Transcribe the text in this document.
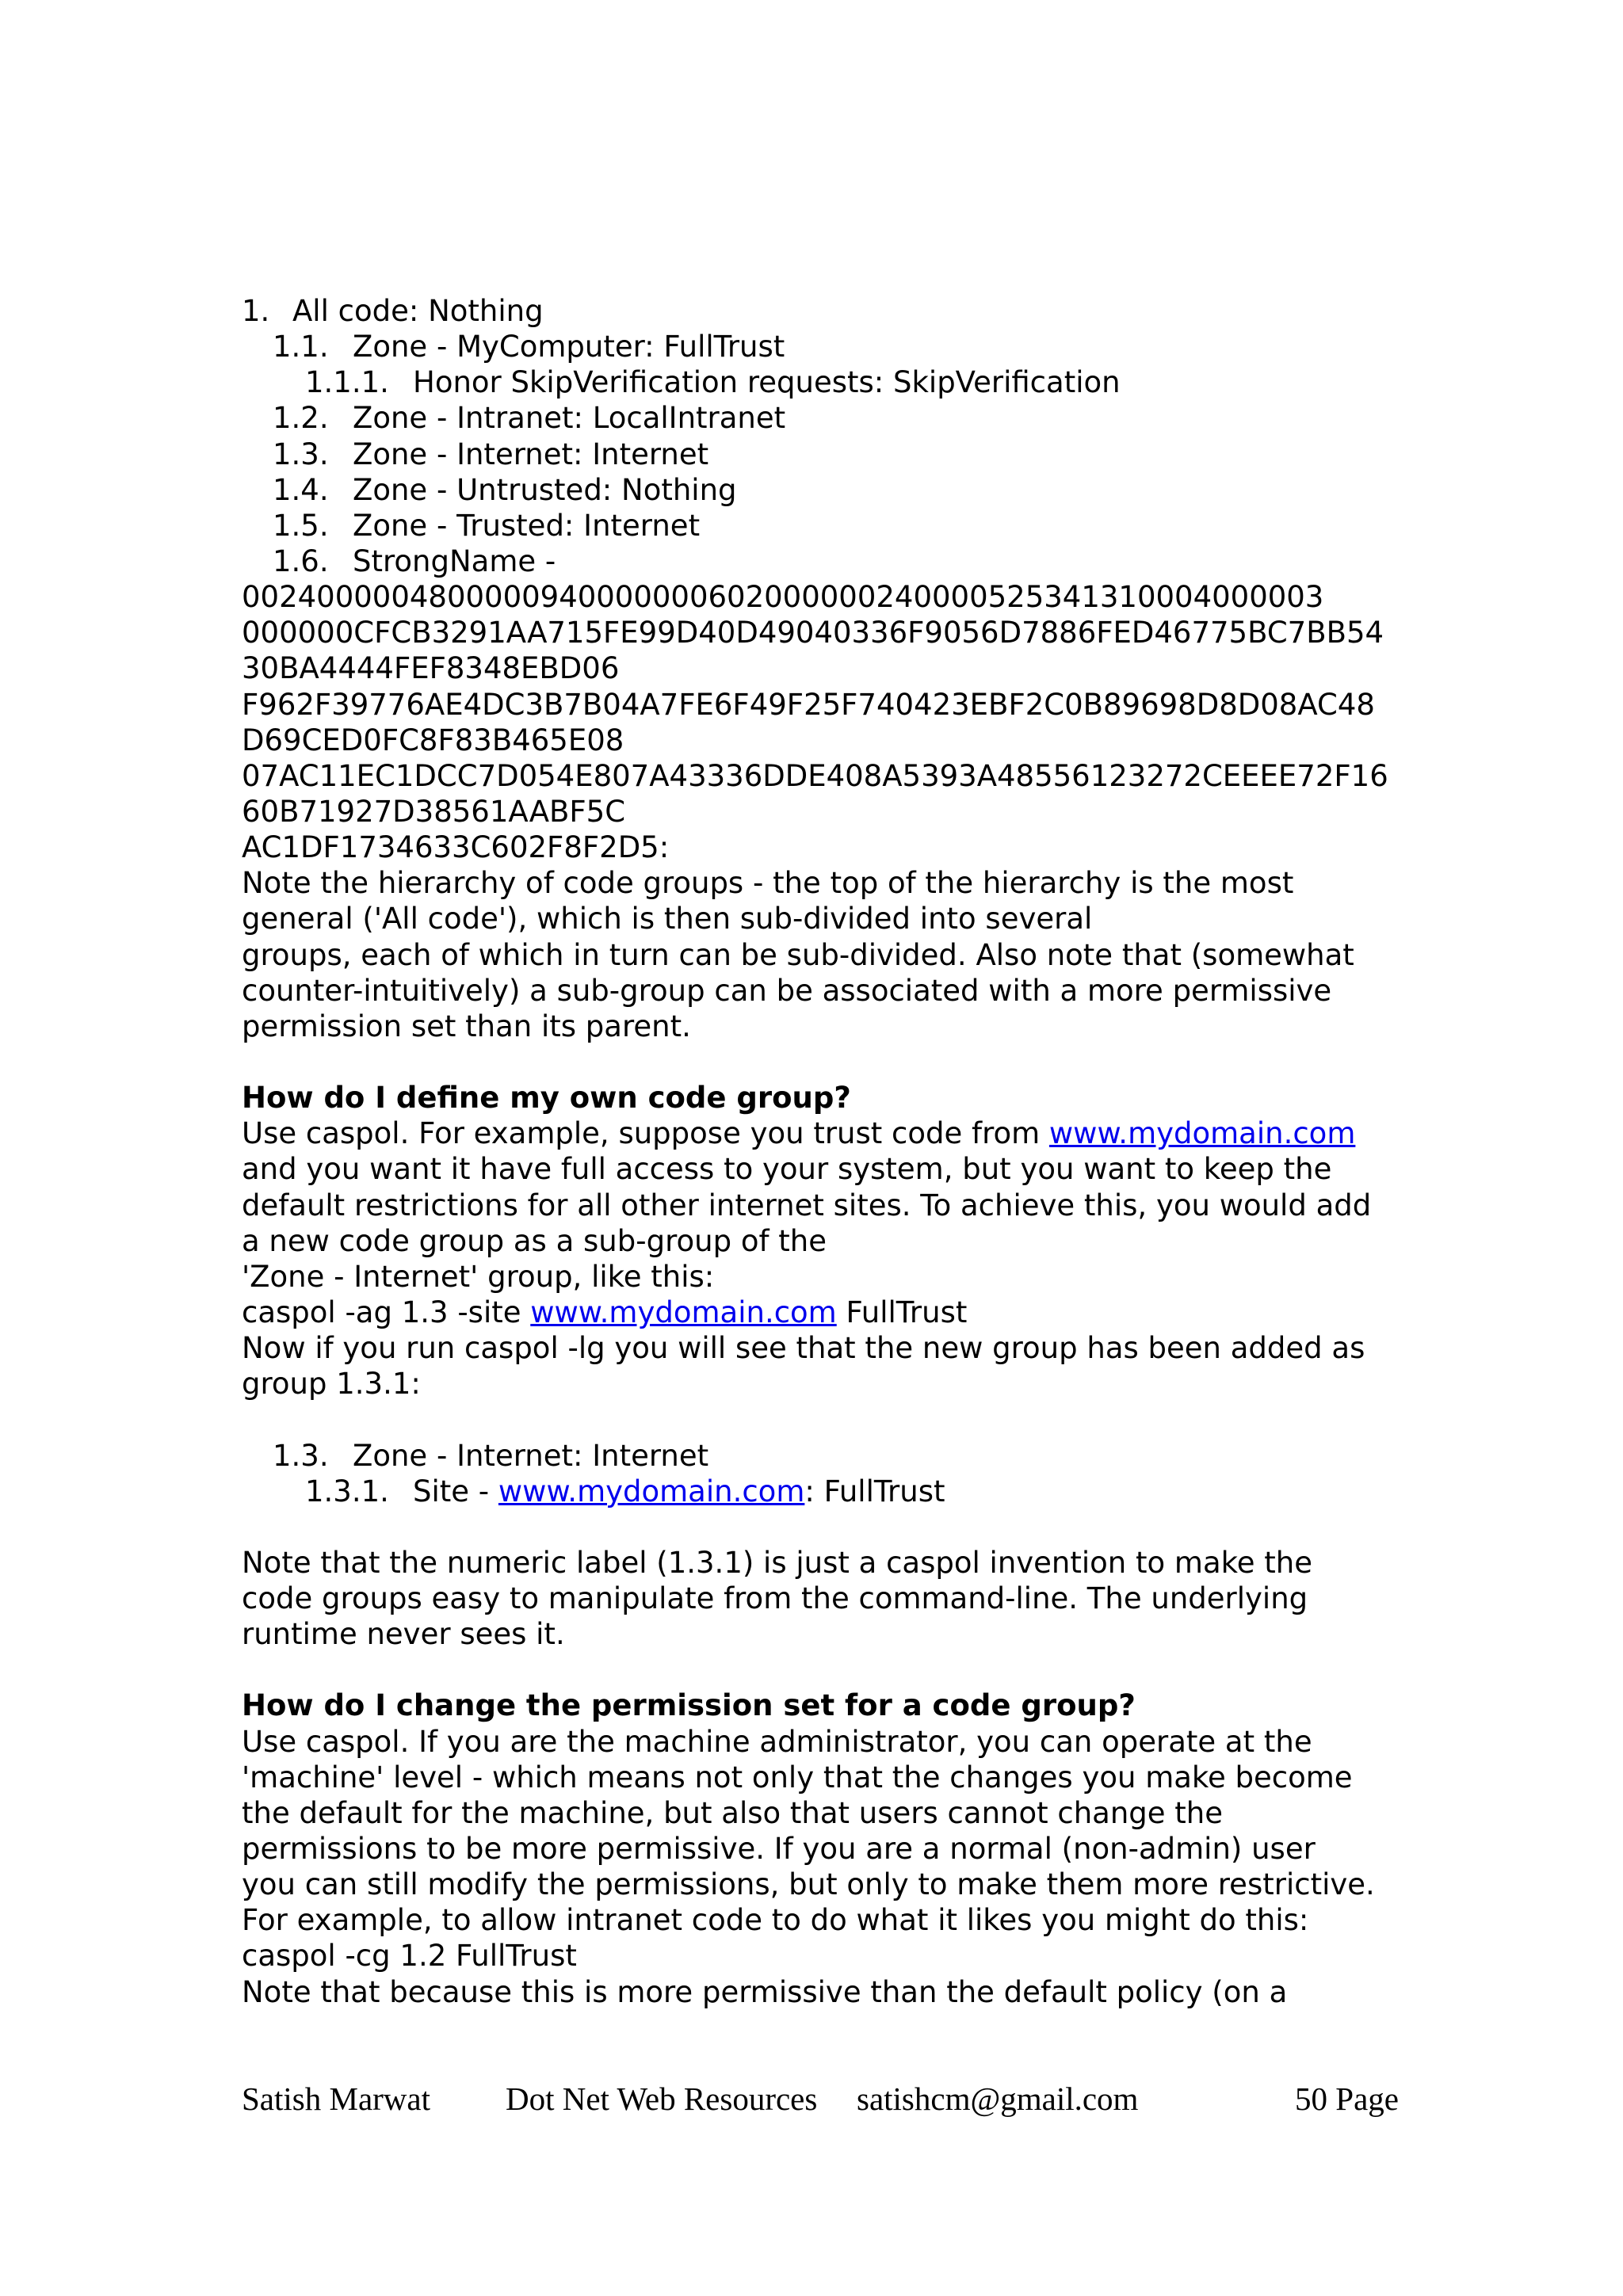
1. All code: Nothing
1.1. Zone - MyComputer: FullTrust
1.1.1. Honor SkipVerification requests: SkipVerification
1.2. Zone - Intranet: LocalIntranet
1.3. Zone - Internet: Internet
1.4. Zone - Untrusted: Nothing
1.5. Zone - Trusted: Internet
1.6. StrongName -
0024000004800000940000000602000000240000525341310004000003
000000CFCB3291AA715FE99D40D49040336F9056D7886FED46775BC7BB54
30BA4444FEF8348EBD06
F962F39776AE4DC3B7B04A7FE6F49F25F740423EBF2C0B89698D8D08AC48
D69CED0FC8F83B465E08
07AC11EC1DCC7D054E807A43336DDE408A5393A48556123272CEEEE72F16
60B71927D38561AABF5C
AC1DF1734633C602F8F2D5:
Note the hierarchy of code groups - the top of the hierarchy is the most
general ('All code'), which is then sub-divided into several
groups, each of which in turn can be sub-divided. Also note that (somewhat
counter-intuitively) a sub-group can be associated with a more permissive
permission set than its parent.
How do I define my own code group?
Use caspol. For example, suppose you trust code from www.mydomain.com
and you want it have full access to your system, but you want to keep the
default restrictions for all other internet sites. To achieve this, you would add
a new code group as a sub-group of the
'Zone - Internet' group, like this:
caspol -ag 1.3 -site www.mydomain.com FullTrust
Now if you run caspol -lg you will see that the new group has been added as
group 1.3.1:
1.3. Zone - Internet: Internet
1.3.1. Site - www.mydomain.com: FullTrust
Note that the numeric label (1.3.1) is just a caspol invention to make the
code groups easy to manipulate from the command-line. The underlying
runtime never sees it.
How do I change the permission set for a code group?
Use caspol. If you are the machine administrator, you can operate at the
'machine' level - which means not only that the changes you make become
the default for the machine, but also that users cannot change the
permissions to be more permissive. If you are a normal (non-admin) user
you can still modify the permissions, but only to make them more restrictive.
For example, to allow intranet code to do what it likes you might do this:
caspol -cg 1.2 FullTrust
Note that because this is more permissive than the default policy (on a
Satish Marwat Dot Net Web Resources satishcm@gmail.com	50 Page
